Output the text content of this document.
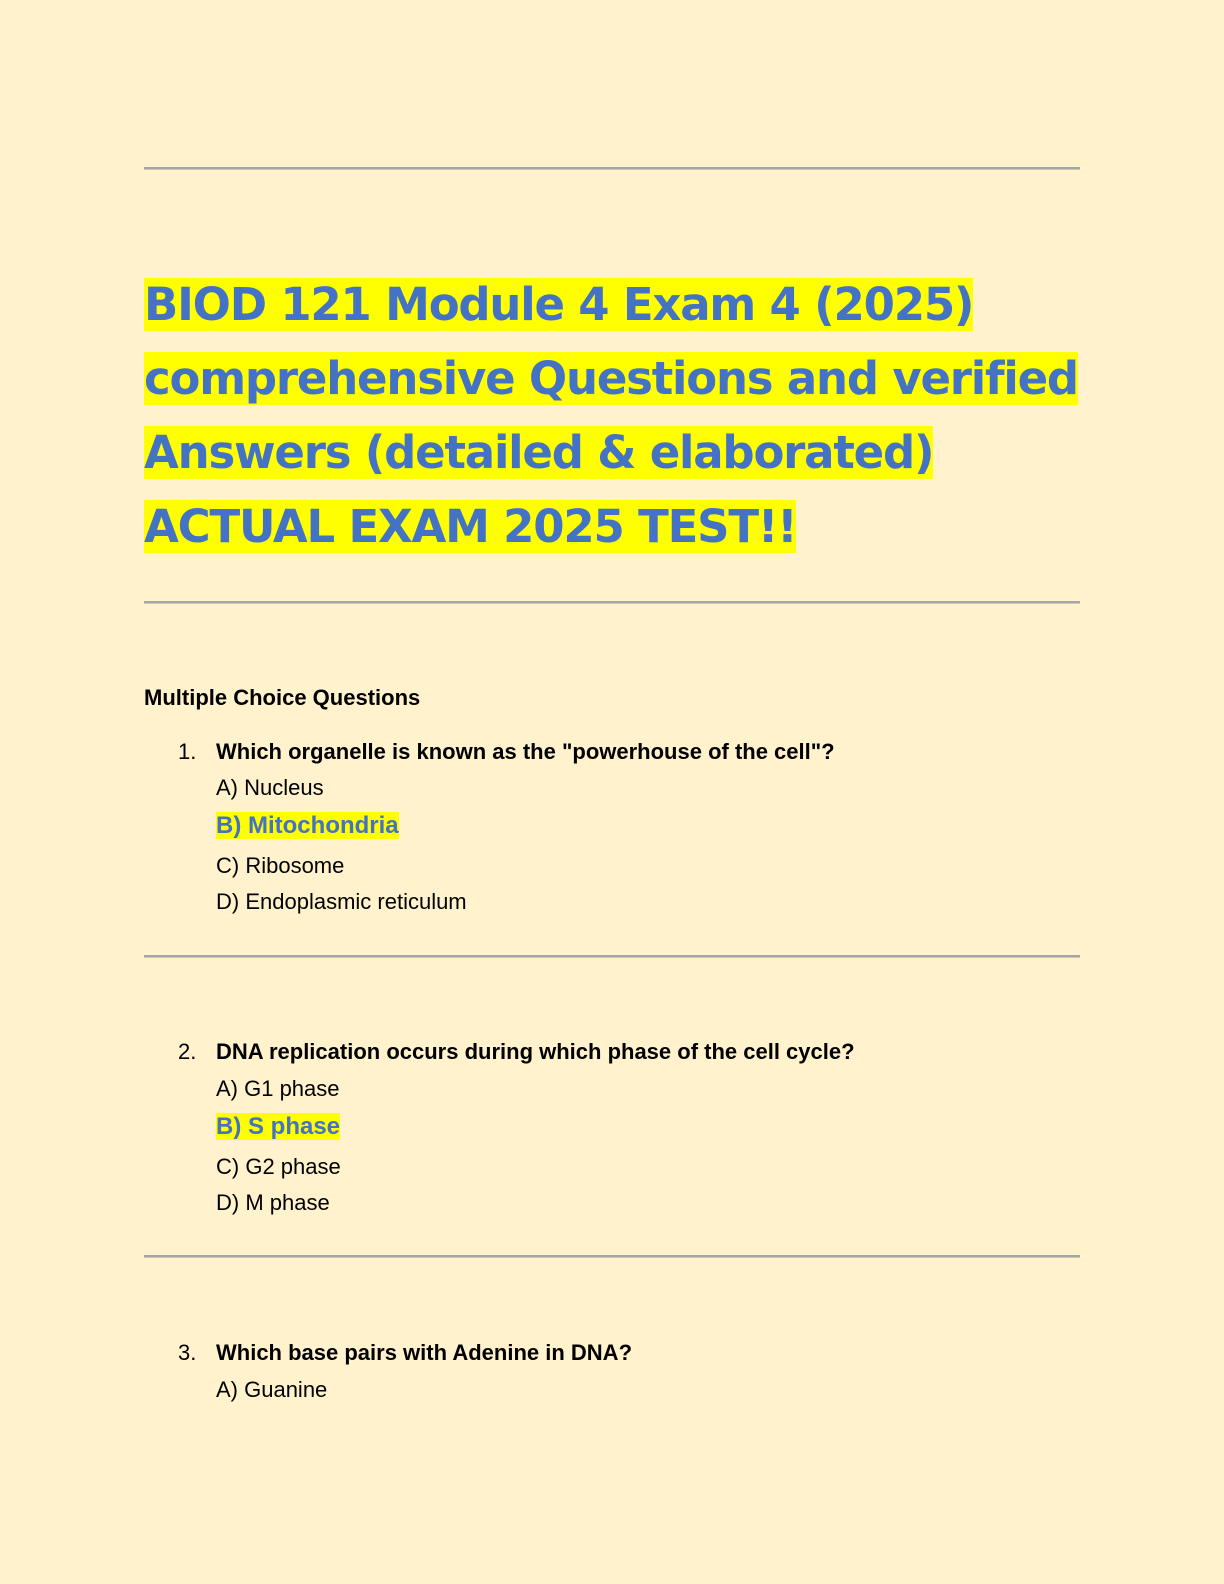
BIOD 121 Module 4 Exam 4 (2025)
comprehensive Questions and verified
Answers (detailed & elaborated)
ACTUAL EXAM 2025 TEST!!
Multiple Choice Questions
1. Which organelle is known as the "powerhouse of the cell"?
A) Nucleus
B) Mitochondria
C) Ribosome
D) Endoplasmic reticulum
2. DNA replication occurs during which phase of the cell cycle?
A) G1 phase
B) S phase
C) G2 phase
D) M phase
3. Which base pairs with Adenine in DNA?
A) Guanine
